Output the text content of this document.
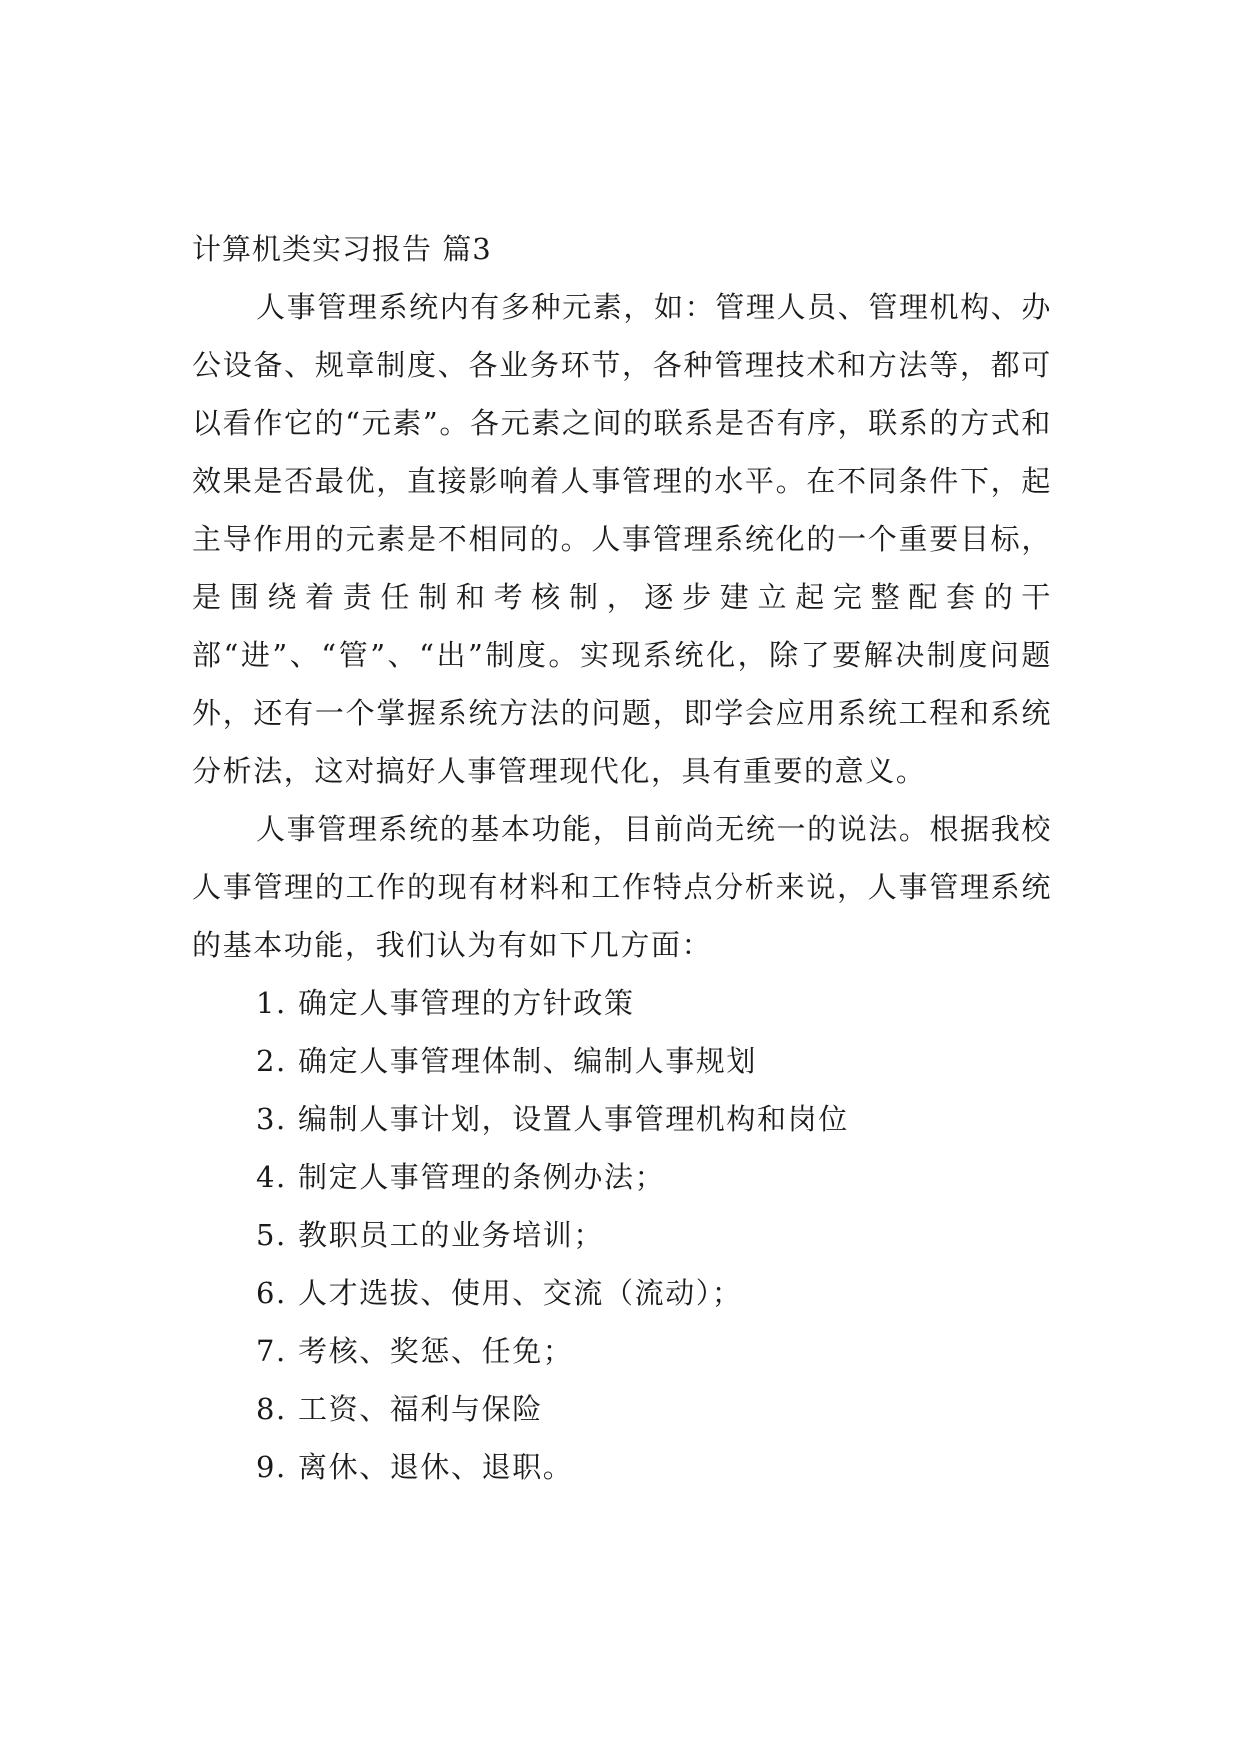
计算机类实习报告 篇3

人事管理系统内有多种元素，如：管理人员、管理机构、办公设备、规章制度、各业务环节，各种管理技术和方法等，都可以看作它的“元素”。各元素之间的联系是否有序，联系的方式和效果是否最优，直接影响着人事管理的水平。在不同条件下，起主导作用的元素是不相同的。人事管理系统化的一个重要目标，是围绕着责任制和考核制，逐步建立起完整配套的干部“进”、“管”、“出”制度。实现系统化，除了要解决制度问题外，还有一个掌握系统方法的问题，即学会应用系统工程和系统分析法，这对搞好人事管理现代化，具有重要的意义。

人事管理系统的基本功能，目前尚无统一的说法。根据我校人事管理的工作的现有材料和工作特点分析来说，人事管理系统的基本功能，我们认为有如下几方面：

1. 确定人事管理的方针政策
2. 确定人事管理体制、编制人事规划
3. 编制人事计划，设置人事管理机构和岗位
4. 制定人事管理的条例办法；
5. 教职员工的业务培训；
6. 人才选拔、使用、交流（流动）；
7. 考核、奖惩、任免；
8. 工资、福利与保险
9. 离休、退休、退职。
